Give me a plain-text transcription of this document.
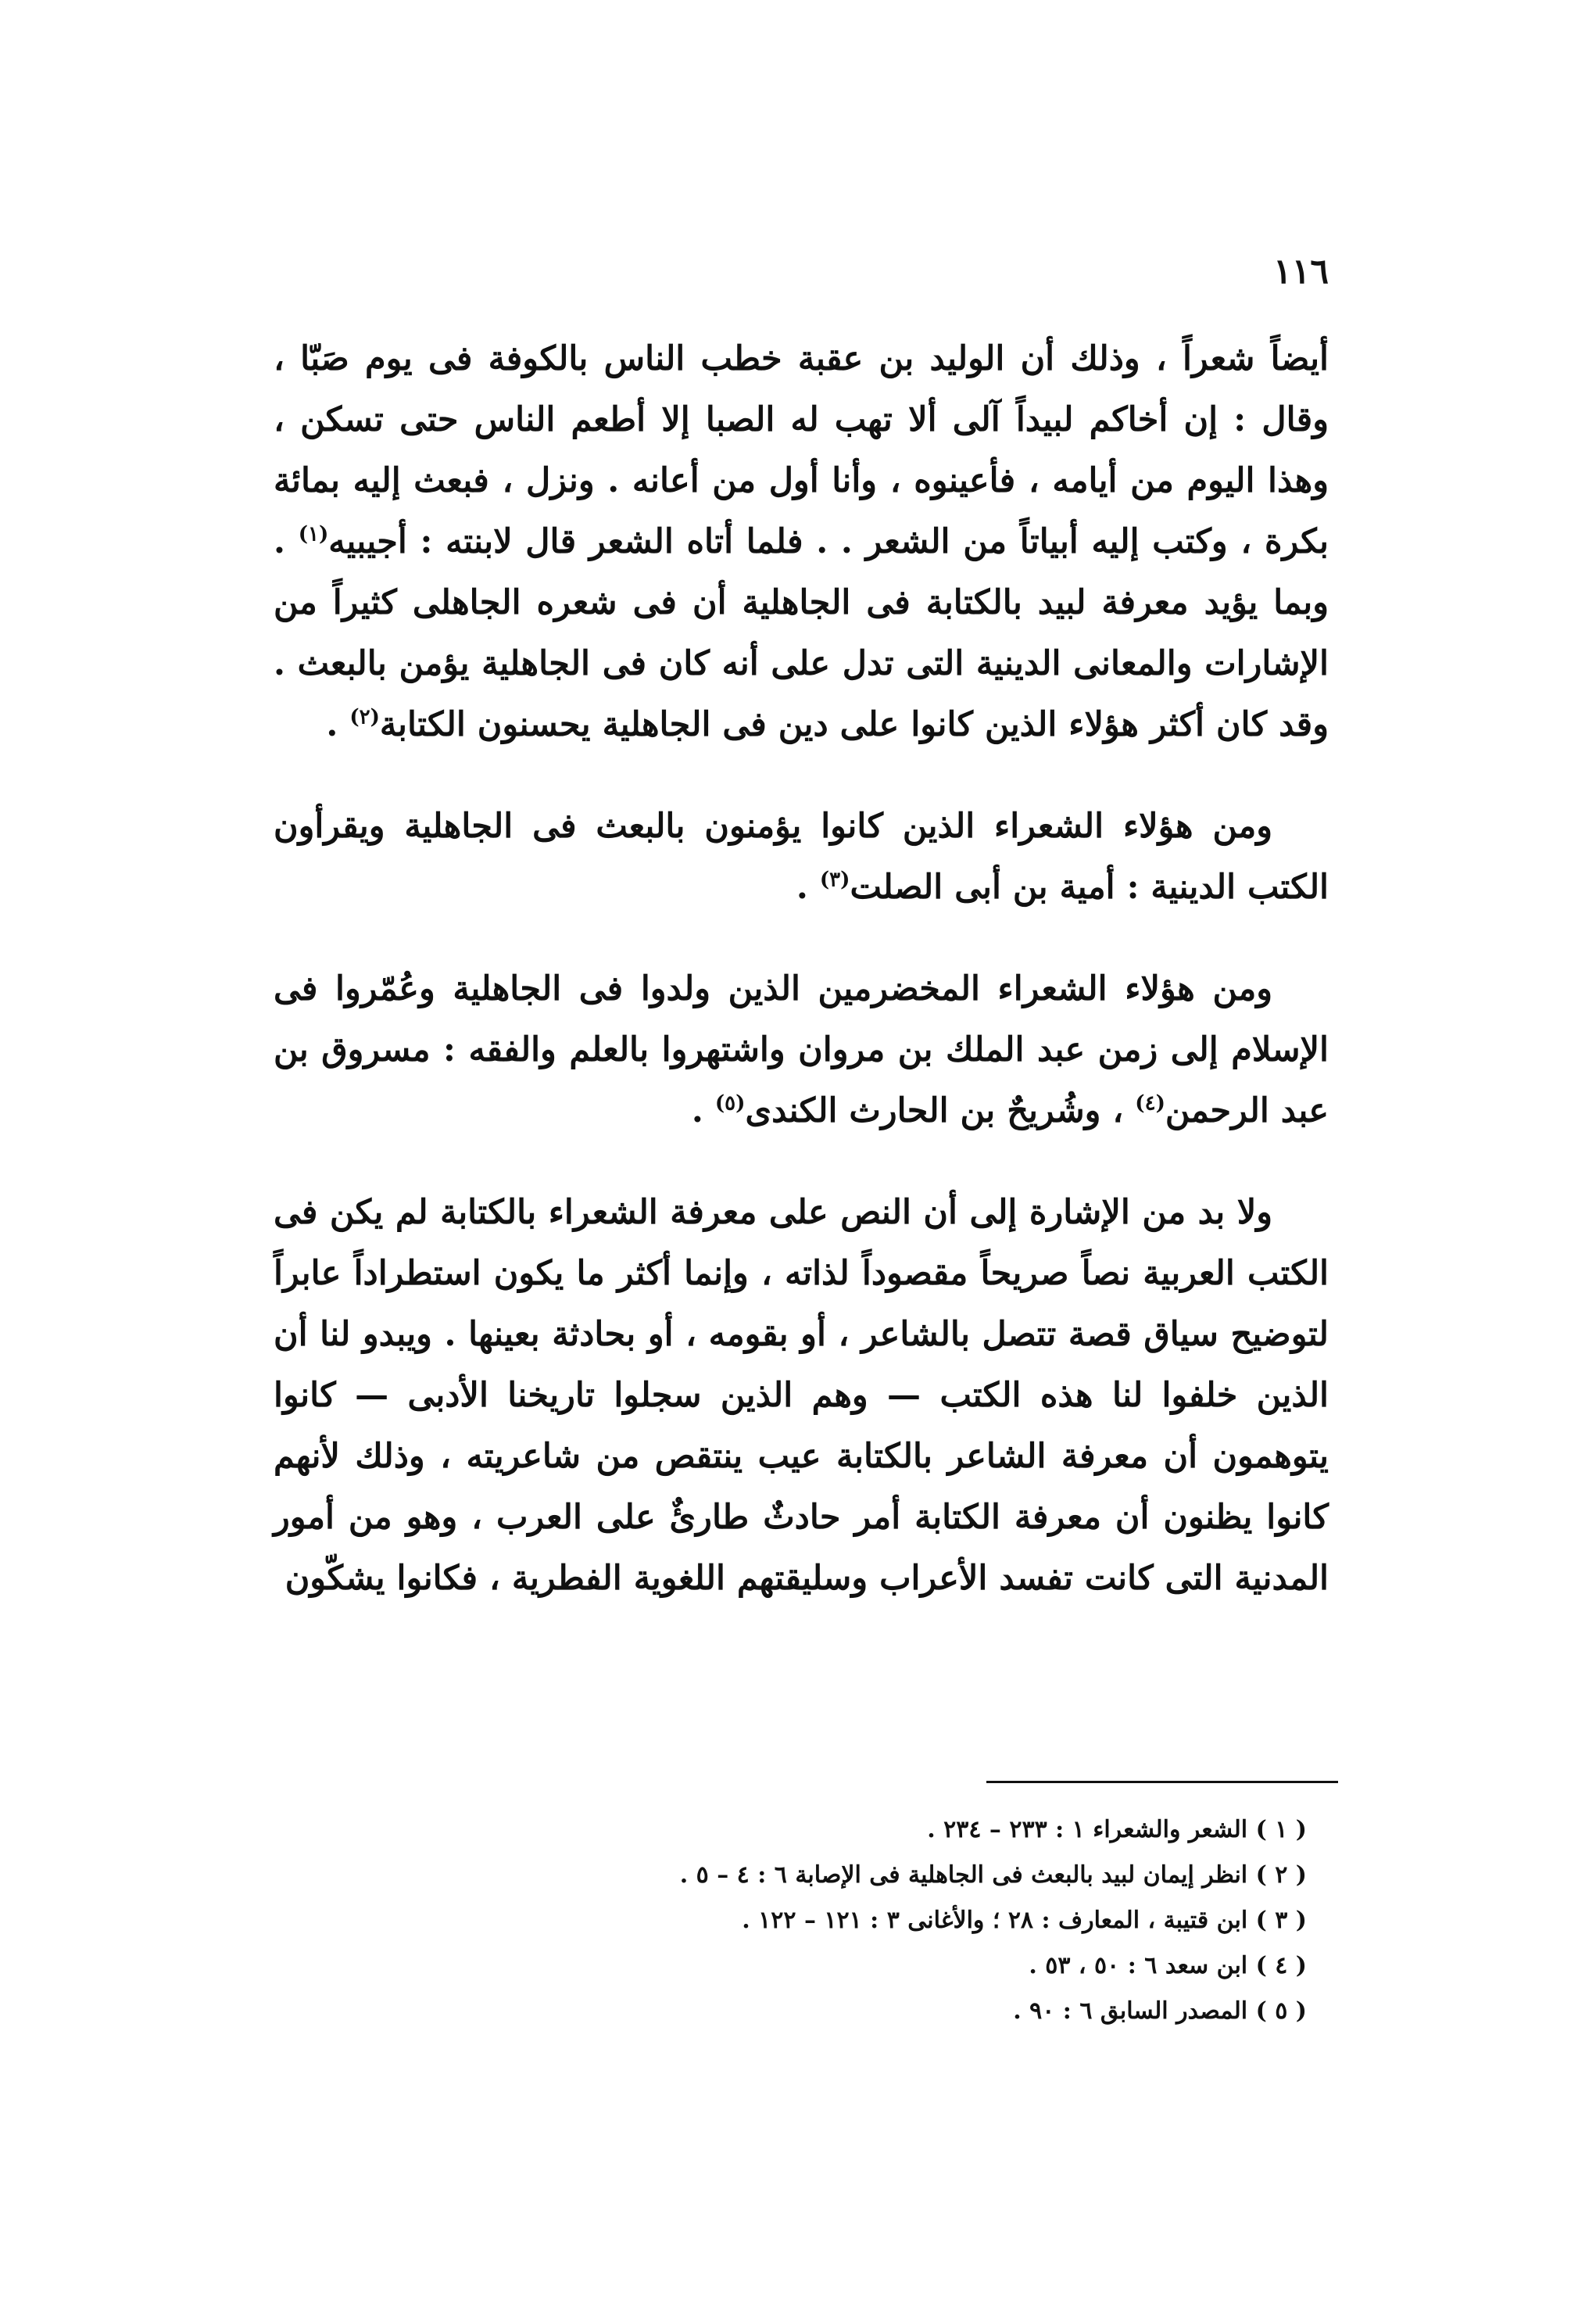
١١٦

أيضاً شعراً ، وذلك أن الوليد بن عقبة خطب الناس بالكوفة فى يوم صَبّا ، وقال : إن أخاكم لبيداً آلى ألا تهب له الصبا إلا أطعم الناس حتى تسكن ، وهذا اليوم من أيامه ، فأعينوه ، وأنا أول من أعانه . ونزل ، فبعث إليه بمائة بكرة ، وكتب إليه أبياتاً من الشعر . . فلما أتاه الشعر قال لابنته : أجيبيه$^{(١)}$ . وبما يؤيد معرفة لبيد بالكتابة فى الجاهلية أن فى شعره الجاهلى كثيراً من الإشارات والمعانى الدينية التى تدل على أنه كان فى الجاهلية يؤمن بالبعث . وقد كان أكثر هؤلاء الذين كانوا على دين فى الجاهلية يحسنون الكتابة$^{(٢)}$ .

ومن هؤلاء الشعراء الذين كانوا يؤمنون بالبعث فى الجاهلية ويقرأون الكتب الدينية : أمية بن أبى الصلت$^{(٣)}$ .

ومن هؤلاء الشعراء المخضرمين الذين ولدوا فى الجاهلية وعُمّروا فى الإسلام إلى زمن عبد الملك بن مروان واشتهروا بالعلم والفقه : مسروق بن عبد الرحمن$^{(٤)}$ ، وشُريحٌ بن الحارث الكندى$^{(٥)}$ .

ولا بد من الإشارة إلى أن النص على معرفة الشعراء بالكتابة لم يكن فى الكتب العربية نصاً صريحاً مقصوداً لذاته ، وإنما أكثر ما يكون استطراداً عابراً لتوضيح سياق قصة تتصل بالشاعر ، أو بقومه ، أو بحادثة بعينها . ويبدو لنا أن الذين خلفوا لنا هذه الكتب — وهم الذين سجلوا تاريخنا الأدبى — كانوا يتوهمون أن معرفة الشاعر بالكتابة عيب ينتقص من شاعريته ، وذلك لأنهم كانوا يظنون أن معرفة الكتابة أمر حادثٌ طارئٌ على العرب ، وهو من أمور المدنية التى كانت تفسد الأعراب وسليقتهم اللغوية الفطرية ، فكانوا يشكّون

( ١ ) الشعر والشعراء ١ : ٢٣٣ – ٢٣٤ .
( ٢ ) انظر إيمان لبيد بالبعث فى الجاهلية فى الإصابة ٦ : ٤ – ٥ .
( ٣ ) ابن قتيبة ، المعارف : ٢٨ ؛ والأغانى ٣ : ١٢١ – ١٢٢ .
( ٤ ) ابن سعد ٦ : ٥٠ ، ٥٣ .
( ٥ ) المصدر السابق ٦ : ٩٠ .
